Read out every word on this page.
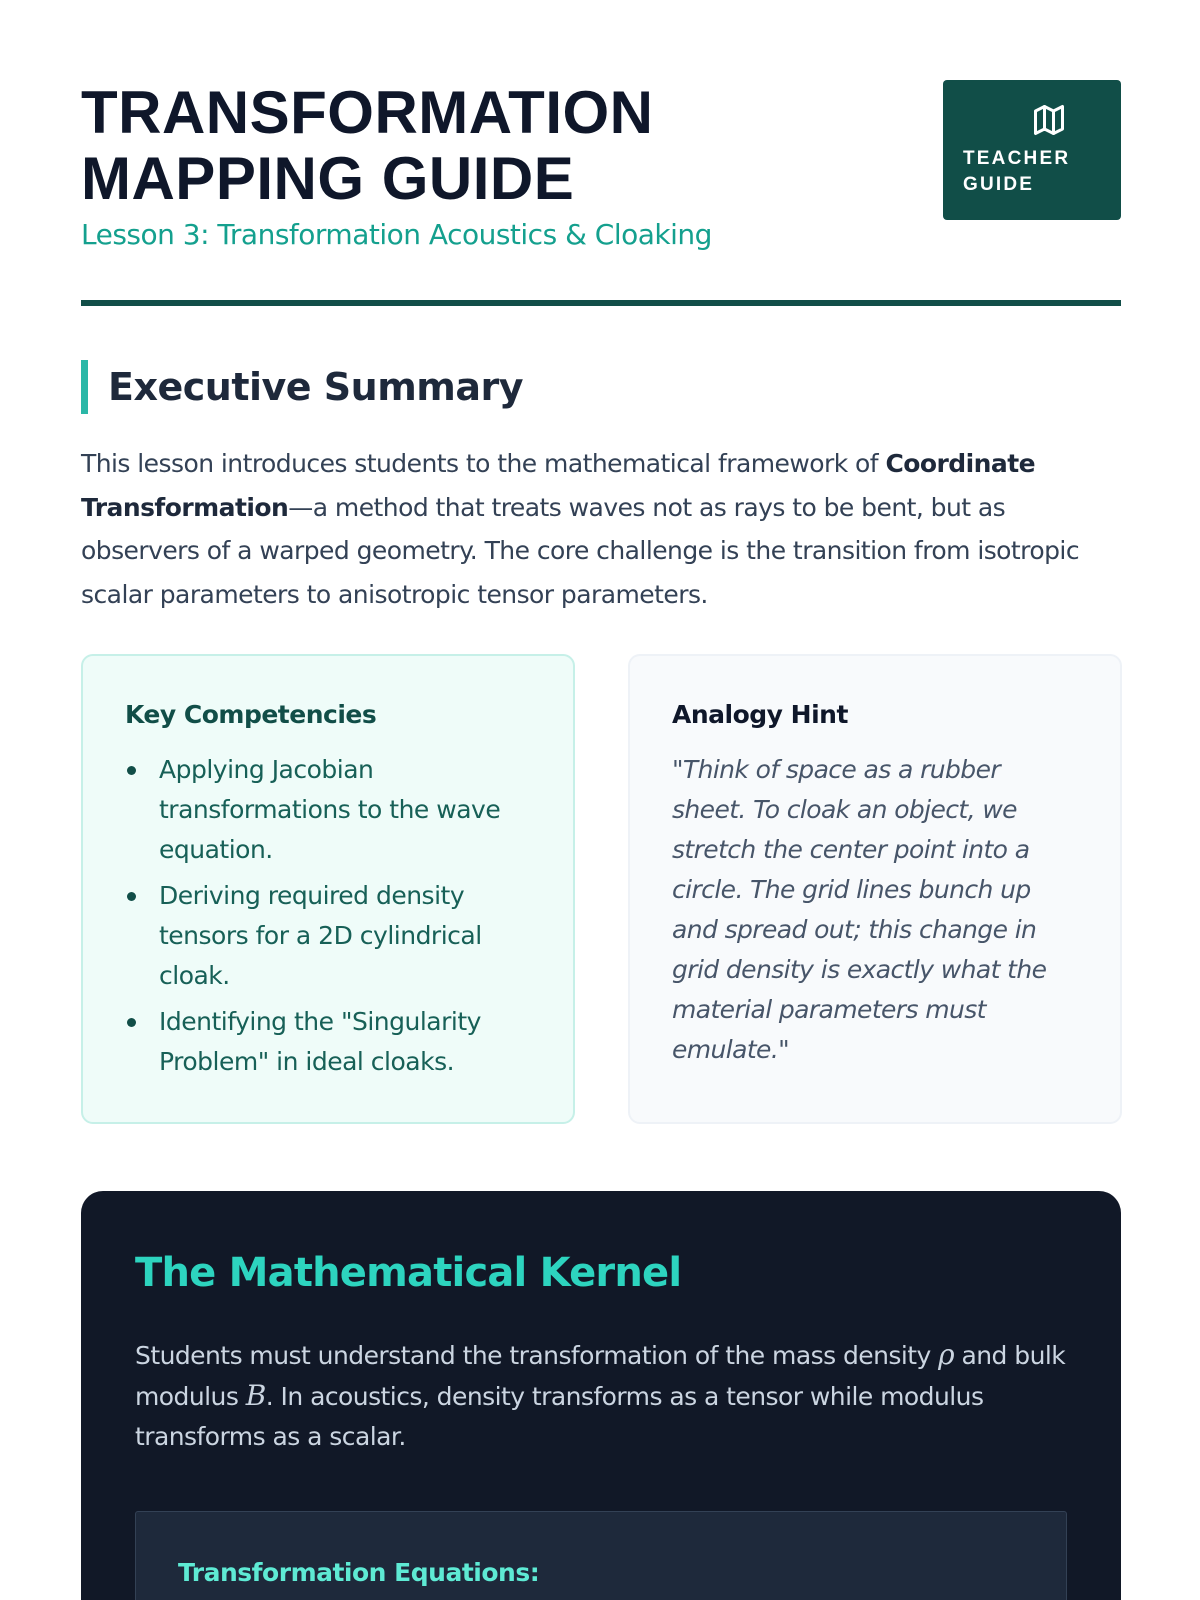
TRANSFORMATION MAPPING GUIDE
Lesson 3: Transformation Acoustics & Cloaking
TEACHER GUIDE
Executive Summary

This lesson introduces students to the mathematical framework of Coordinate Transformation—a method that treats waves not as rays to be bent, but as observers of a warped geometry. The core challenge is the transition from isotropic scalar parameters to anisotropic tensor parameters.

Key Competencies
Applying Jacobian transformations to the wave equation.
Deriving required density tensors for a 2D cylindrical cloak.
Identifying the "Singularity Problem" in ideal cloaks.
Analogy Hint

"Think of space as a rubber sheet. To cloak an object, we stretch the center point into a circle. The grid lines bunch up and spread out; this change in grid density is exactly what the material parameters must emulate."

The Mathematical Kernel

Students must understand the transformation of the mass density ρ and bulk modulus B. In acoustics, density transforms as a tensor while modulus transforms as a scalar.

Transformation Equations:
